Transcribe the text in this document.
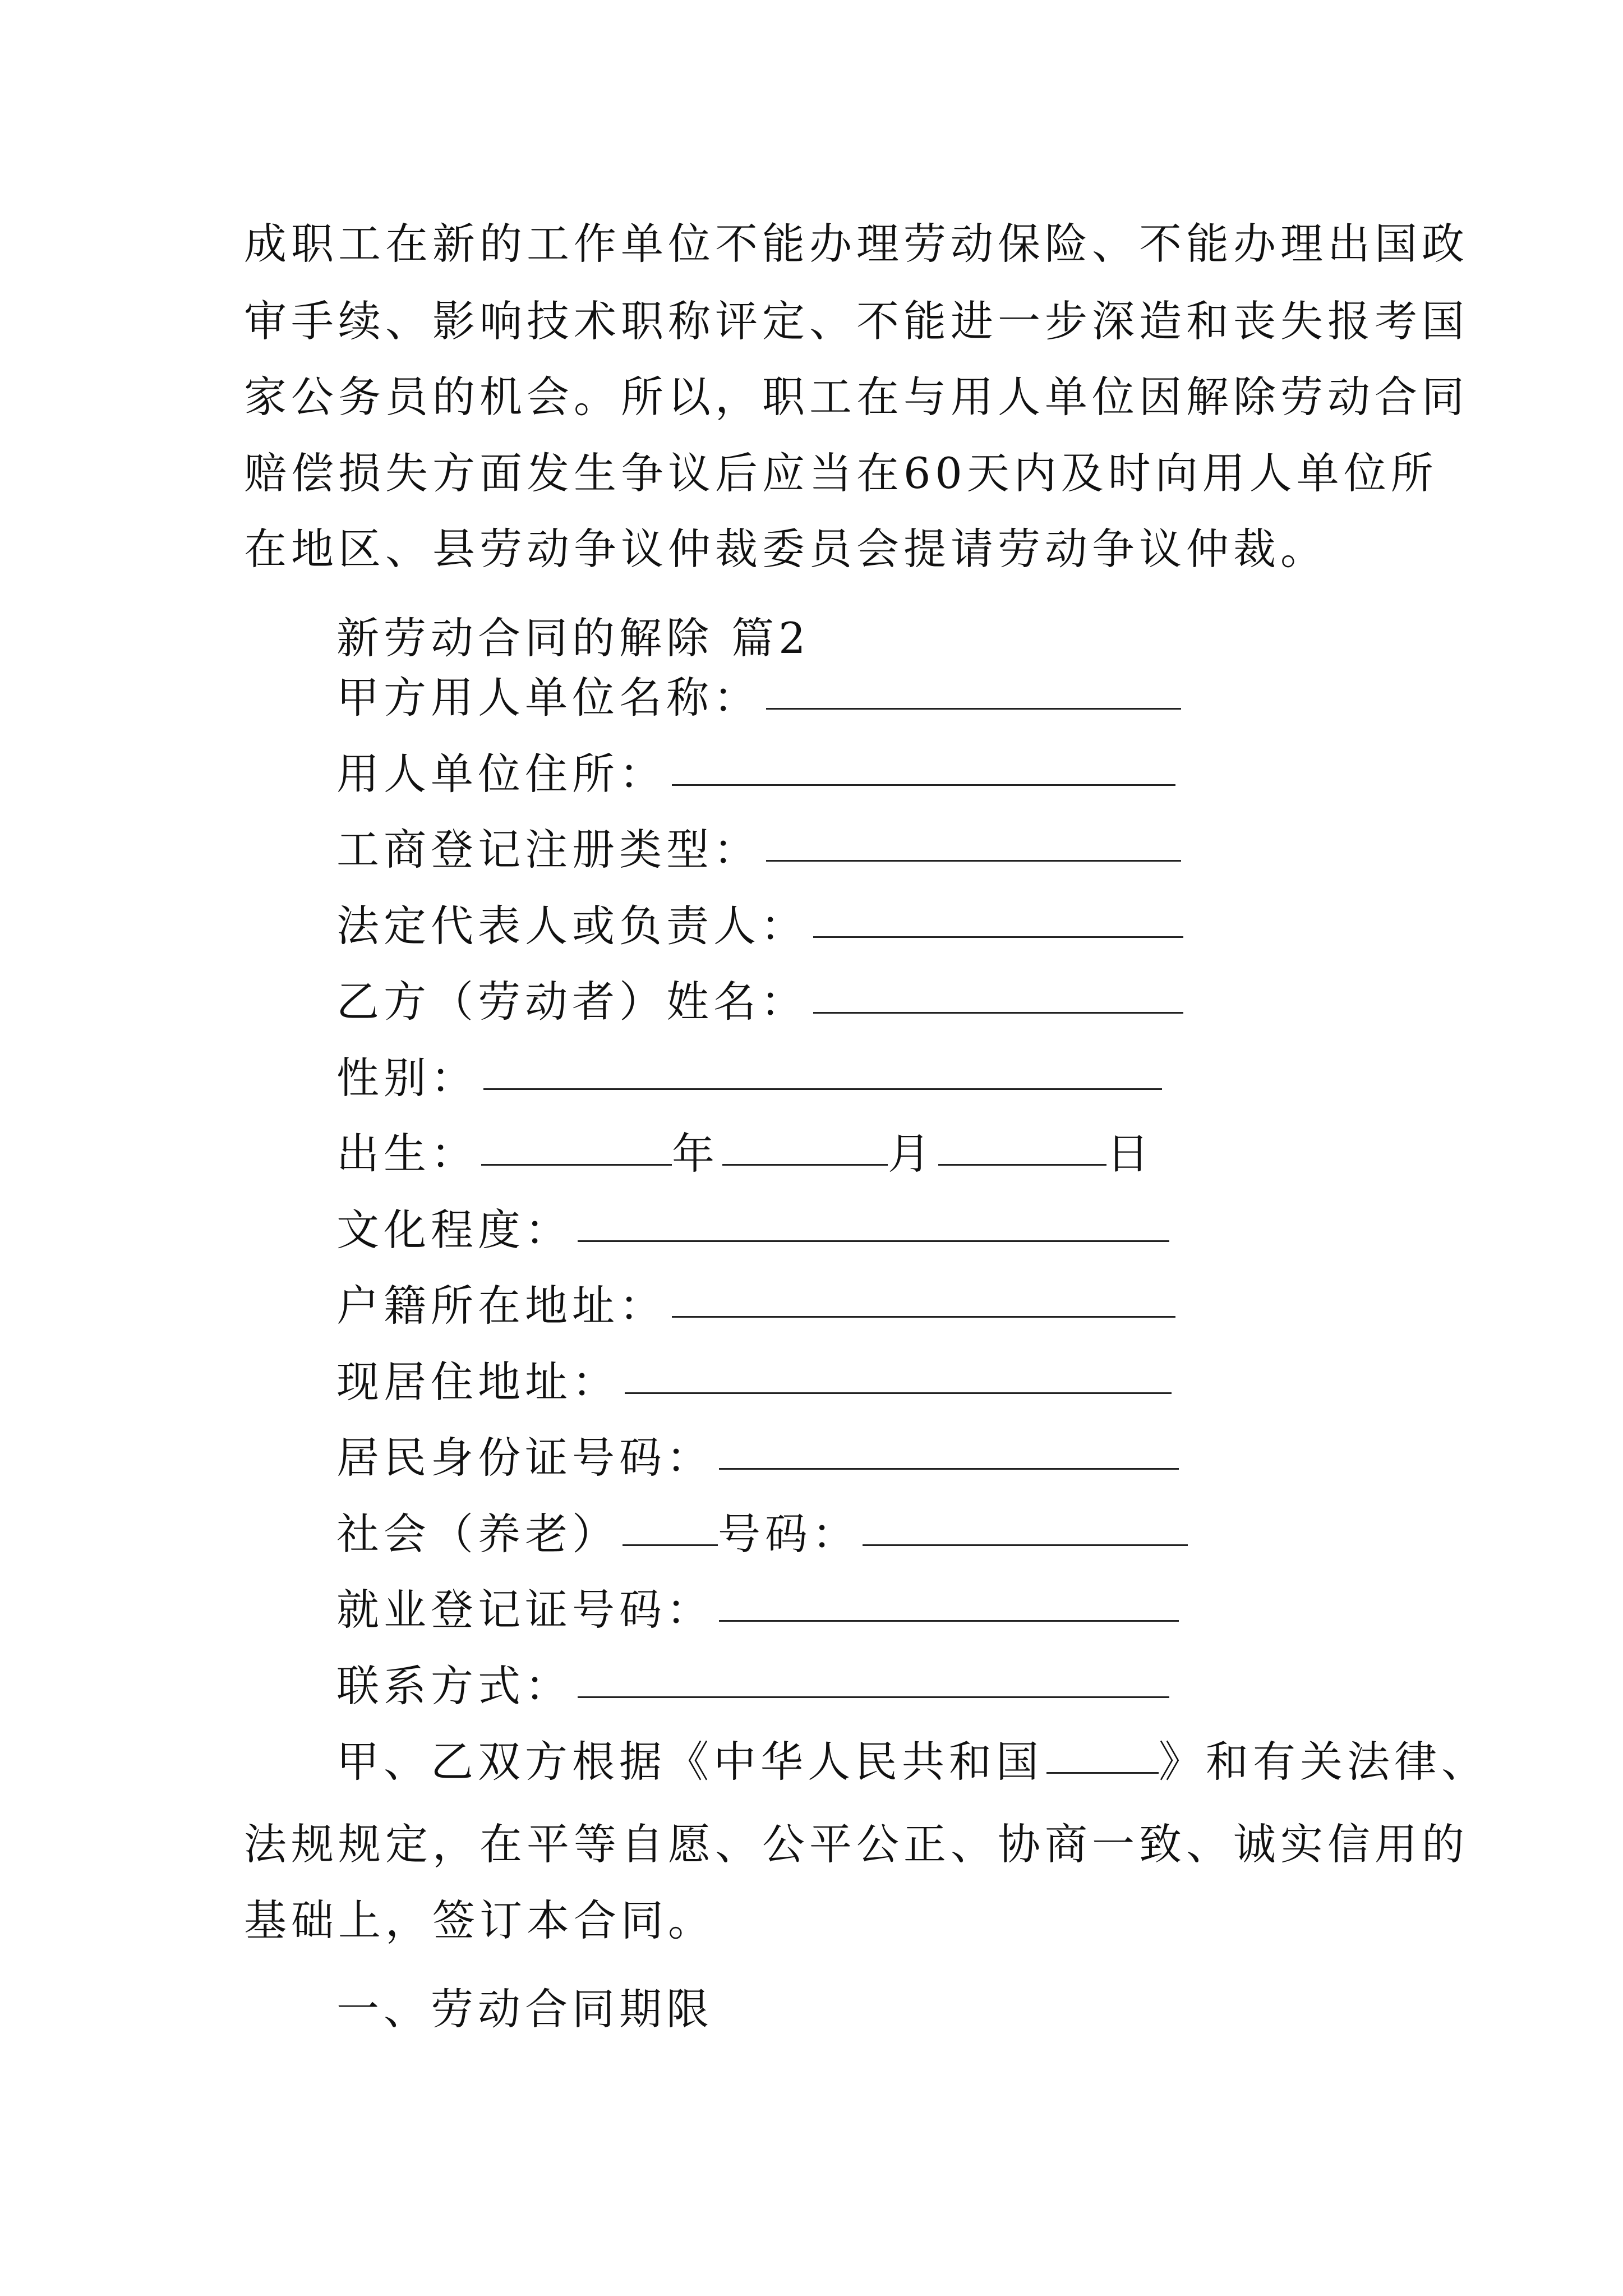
成职工在新的工作单位不能办理劳动保险、不能办理出国政
审手续、影响技术职称评定、不能进一步深造和丧失报考国
家公务员的机会。所以，职工在与用人单位因解除劳动合同
赔偿损失方面发生争议后应当在60天内及时向用人单位所
在地区、县劳动争议仲裁委员会提请劳动争议仲裁。
新劳动合同的解除 篇2
甲方用人单位名称：
用人单位住所：
工商登记注册类型：
法定代表人或负责人：
乙方（劳动者）姓名：
性别：
出生：	年	月	日
文化程度：
户籍所在地址：
现居住地址：
居民身份证号码：
社会（养老） 号码：
就业登记证号码：
联系方式：
甲、乙双方根据《中华人民共和国	》和有关法律、
法规规定，在平等自愿、公平公正、协商一致、诚实信用的
基础上，签订本合同。
一、劳动合同期限
